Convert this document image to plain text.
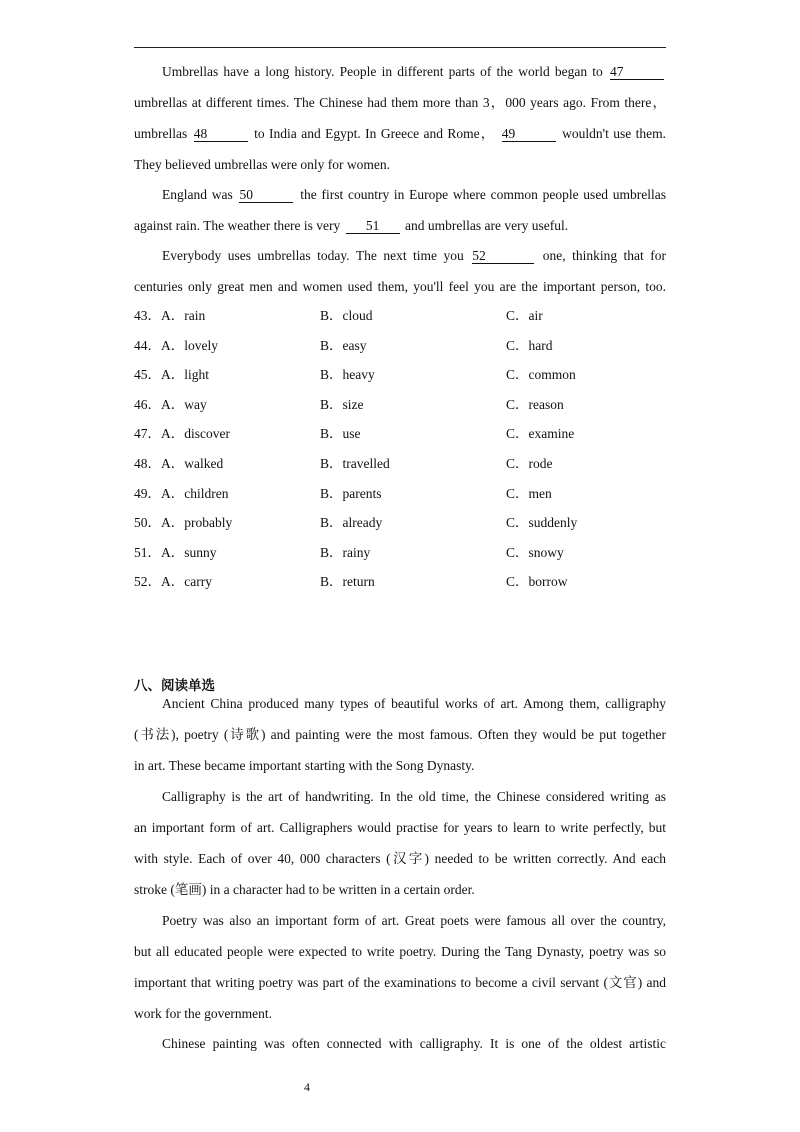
Umbrellas have a long history. People in different parts of the world began to 47
umbrellas at different times. The Chinese had them more than 3，000 years ago. From there，
umbrellas 48	to India and Egypt. In Greece and Rome， 49	wouldn't use them.
They believed umbrellas were only for women.
England was 50	the first country in Europe where common people used umbrellas
against rain. The weather there is very 51 and umbrellas are very useful.
Everybody uses umbrellas today. The next time you 52	one, thinking that for
centuries only great men and women used them, you'll feel you are the important person, too.
43．A．rain	B．cloud	C．air
44．A．lovely	B．easy	C．hard
45．A．light	B．heavy	C．common
46．A．way	B．size	C．reason
47．A．discover	B．use	C．examine
48．A．walked	B．travelled	C．rode
49．A．children	B．parents	C．men
50．A．probably	B．already	C．suddenly
51．A．sunny	B．rainy	C．snowy
52．A．carry	B．return	C．borrow
八、阅读单选
Ancient China produced many types of beautiful works of art. Among them, calligraphy
(书法), poetry (诗歌) and painting were the most famous. Often they would be put together
in art. These became important starting with the Song Dynasty.
Calligraphy is the art of handwriting. In the old time, the Chinese considered writing as
an important form of art. Calligraphers would practise for years to learn to write perfectly, but
with style. Each of over 40, 000 characters (汉字) needed to be written correctly. And each
stroke (笔画) in a character had to be written in a certain order.
Poetry was also an important form of art. Great poets were famous all over the country,
but all educated people were expected to write poetry. During the Tang Dynasty, poetry was so
important that writing poetry was part of the examinations to become a civil servant (文官) and
work for the government.
Chinese painting was often connected with calligraphy. It is one of the oldest artistic
4
